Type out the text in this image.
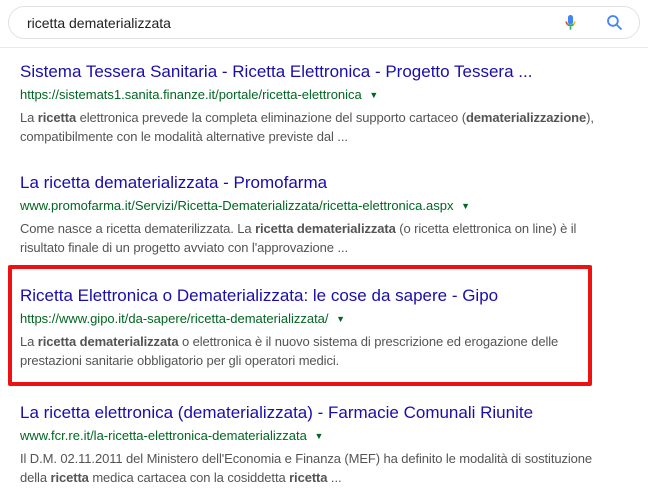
ricetta dematerializzata
Sistema Tessera Sanitaria - Ricetta Elettronica - Progetto Tessera ...
https://sistemats1.sanita.finanze.it/portale/ricetta-elettronica ▼
La ricetta elettronica prevede la completa eliminazione del supporto cartaceo (dematerializzazione),
compatibilmente con le modalità alternative previste dal ...
La ricetta dematerializzata - Promofarma
www.promofarma.it/Servizi/Ricetta-Dematerializzata/ricetta-elettronica.aspx ▼
Come nasce a ricetta dematerilizzata. La ricetta dematerializzata (o ricetta elettronica on line) è il
risultato finale di un progetto avviato con l'approvazione ...
Ricetta Elettronica o Dematerializzata: le cose da sapere - Gipo
https://www.gipo.it/da-sapere/ricetta-dematerializzata/ ▼
La ricetta dematerializzata o elettronica è il nuovo sistema di prescrizione ed erogazione delle
prestazioni sanitarie obbligatorio per gli operatori medici.
La ricetta elettronica (dematerializzata) - Farmacie Comunali Riunite
www.fcr.re.it/la-ricetta-elettronica-dematerializzata ▼
Il D.M. 02.11.2011 del Ministero dell'Economia e Finanza (MEF) ha definito le modalità di sostituzione
della ricetta medica cartacea con la cosiddetta ricetta ...
